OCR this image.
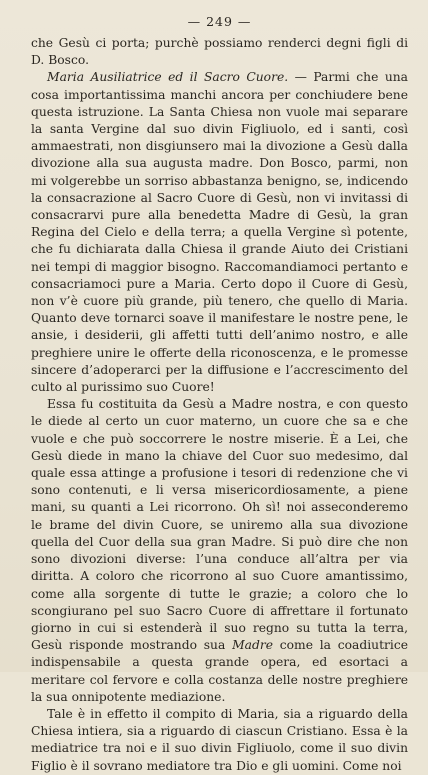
— 249 —

che Gesù ci porta; purchè possiamo renderci degni figli di D. Bosco.

Maria Ausiliatrice ed il Sacro Cuore. — Parmi che una cosa importantissima manchi ancora per conchiudere bene questa istruzione. La Santa Chiesa non vuole mai separare la santa Vergine dal suo divin Figliuolo, ed i santi, così ammaestrati, non disgiunsero mai la divozione a Gesù dalla divozione alla sua augusta madre. Don Bosco, parmi, non mi volgerebbe un sorriso abbastanza benigno, se, indicendo la consacrazione al Sacro Cuore di Gesù, non vi invitassi di consacrarvi pure alla benedetta Madre di Gesù, la gran Regina del Cielo e della terra; a quella Vergine sì potente, che fu dichiarata dalla Chiesa il grande Aiuto dei Cristiani nei tempi di maggior bisogno. Raccomandiamoci pertanto e consacriamoci pure a Maria. Certo dopo il Cuore di Gesù, non v’è cuore più grande, più tenero, che quello di Maria. Quanto deve tornarci soave il manifestare le nostre pene, le ansie, i desiderii, gli affetti tutti dell’animo nostro, e alle preghiere unire le offerte della riconoscenza, e le promesse sincere d’adoperarci per la diffusione e l’accrescimento del culto al purissimo suo Cuore!

Essa fu costituita da Gesù a Madre nostra, e con questo le diede al certo un cuor materno, un cuore che sa e che vuole e che può soccorrere le nostre miserie. È a Lei, che Gesù diede in mano la chiave del Cuor suo medesimo, dal quale essa attinge a profusione i tesori di redenzione che vi sono contenuti, e li versa misericordiosamente, a piene mani, su quanti a Lei ricorrono. Oh sì! noi asseconderemo le brame del divin Cuore, se uniremo alla sua divozione quella del Cuor della sua gran Madre. Si può dire che non sono divozioni diverse: l’una conduce all’altra per via diritta. A coloro che ricorrono al suo Cuore amantissimo, come alla sorgente di tutte le grazie; a coloro che lo scongiurano pel suo Sacro Cuore di affrettare il fortunato giorno in cui si estenderà il suo regno su tutta la terra, Gesù risponde mostrando sua Madre come la coadiutrice indispensabile a questa grande opera, ed esortaci a meritare col fervore e colla costanza delle nostre preghiere la sua onnipotente mediazione.

Tale è in effetto il compito di Maria, sia a riguardo della Chiesa intiera, sia a riguardo di ciascun Cristiano. Essa è la mediatrice tra noi e il suo divin Figliuolo, come il suo divin Figlio è il sovrano mediatore tra Dio e gli uomini. Come noi
